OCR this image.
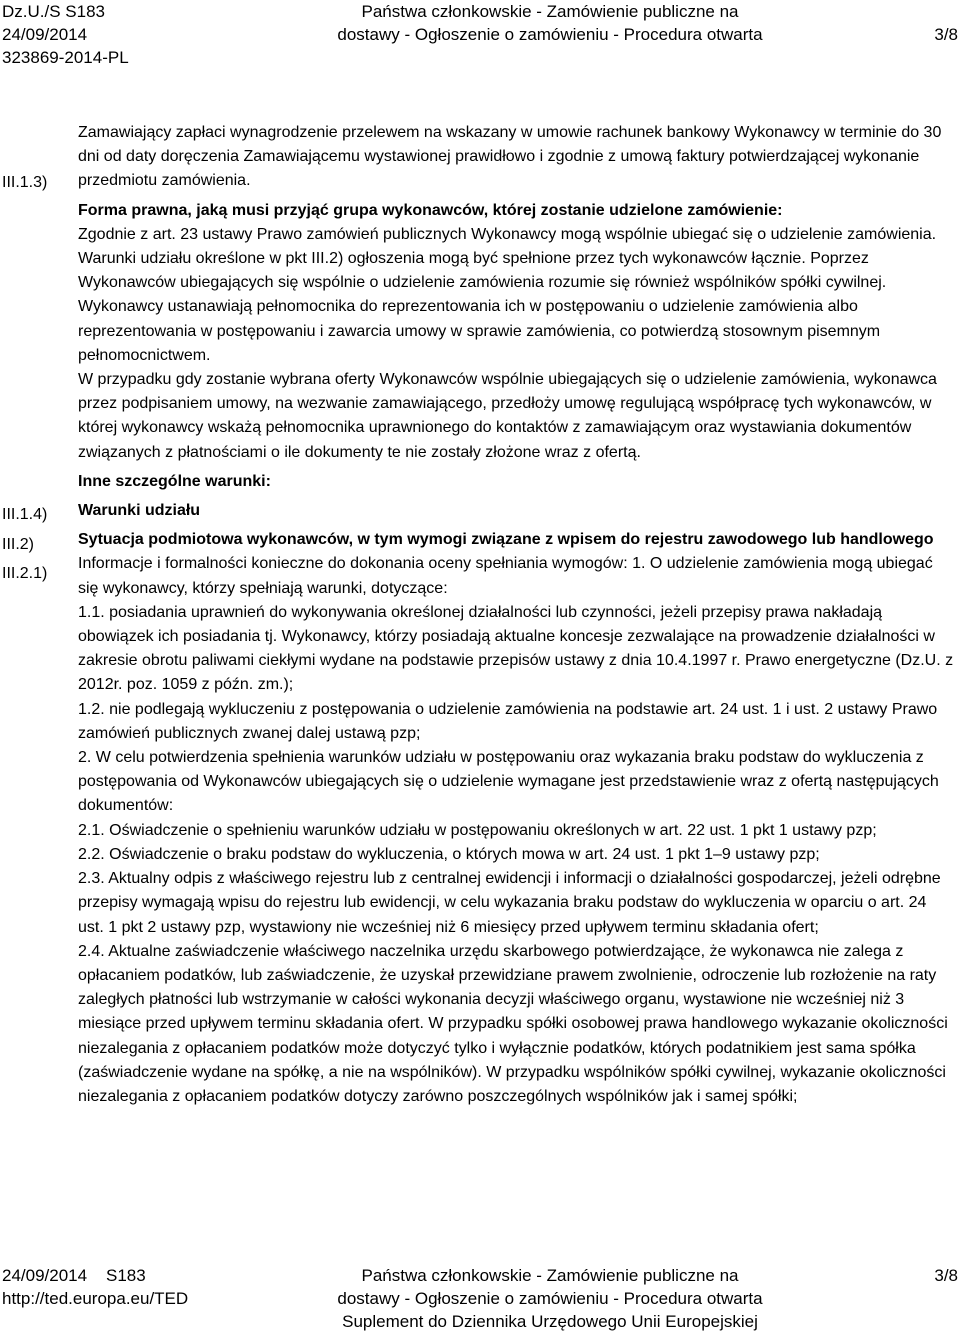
Dz.U./S S183
24/09/2014
323869-2014-PL
Państwa członkowskie - Zamówienie publiczne na
dostawy - Ogłoszenie o zamówieniu - Procedura otwarta	3/8
III.1.3)
III.1.4)
III.2)
III.2.1)

Zamawiający zapłaci wynagrodzenie przelewem na wskazany w umowie rachunek bankowy Wykonawcy w terminie do 30 dni od daty doręczenia Zamawiającemu wystawionej prawidłowo i zgodnie z umową faktury potwierdzającej wykonanie przedmiotu zamówienia.

Forma prawna, jaką musi przyjąć grupa wykonawców, której zostanie udzielone zamówienie:

Zgodnie z art. 23 ustawy Prawo zamówień publicznych Wykonawcy mogą wspólnie ubiegać się o udzielenie zamówienia. Warunki udziału określone w pkt III.2) ogłoszenia mogą być spełnione przez tych wykonawców łącznie. Poprzez Wykonawców ubiegających się wspólnie o udzielenie zamówienia rozumie się również wspólników spółki cywilnej. Wykonawcy ustanawiają pełnomocnika do reprezentowania ich w postępowaniu o udzielenie zamówienia albo reprezentowania w postępowaniu i zawarcia umowy w sprawie zamówienia, co potwierdzą stosownym pisemnym pełnomocnictwem.

W przypadku gdy zostanie wybrana oferty Wykonawców wspólnie ubiegających się o udzielenie zamówienia, wykonawca przez podpisaniem umowy, na wezwanie zamawiającego, przedłoży umowę regulującą współpracę tych wykonawców, w której wykonawcy wskażą pełnomocnika uprawnionego do kontaktów z zamawiającym oraz wystawiania dokumentów związanych z płatnościami o ile dokumenty te nie zostały złożone wraz z ofertą.

Inne szczególne warunki:

Warunki udziału

Sytuacja podmiotowa wykonawców, w tym wymogi związane z wpisem do rejestru zawodowego lub handlowego

Informacje i formalności konieczne do dokonania oceny spełniania wymogów: 1. O udzielenie zamówienia mogą ubiegać się wykonawcy, którzy spełniają warunki, dotyczące:

1.1. posiadania uprawnień do wykonywania określonej działalności lub czynności, jeżeli przepisy prawa nakładają obowiązek ich posiadania tj. Wykonawcy, którzy posiadają aktualne koncesje zezwalające na prowadzenie działalności w zakresie obrotu paliwami ciekłymi wydane na podstawie przepisów ustawy z dnia 10.4.1997 r. Prawo energetyczne (Dz.U. z 2012r. poz. 1059 z późn. zm.);

1.2. nie podlegają wykluczeniu z postępowania o udzielenie zamówienia na podstawie art. 24 ust. 1 i ust. 2 ustawy Prawo zamówień publicznych zwanej dalej ustawą pzp;

2. W celu potwierdzenia spełnienia warunków udziału w postępowaniu oraz wykazania braku podstaw do wykluczenia z postępowania od Wykonawców ubiegających się o udzielenie wymagane jest przedstawienie wraz z ofertą następujących dokumentów:

2.1. Oświadczenie o spełnieniu warunków udziału w postępowaniu określonych w art. 22 ust. 1 pkt 1 ustawy pzp;

2.2. Oświadczenie o braku podstaw do wykluczenia, o których mowa w art. 24 ust. 1 pkt 1–9 ustawy pzp;

2.3. Aktualny odpis z właściwego rejestru lub z centralnej ewidencji i informacji o działalności gospodarczej, jeżeli odrębne przepisy wymagają wpisu do rejestru lub ewidencji, w celu wykazania braku podstaw do wykluczenia w oparciu o art. 24 ust. 1 pkt 2 ustawy pzp, wystawiony nie wcześniej niż 6 miesięcy przed upływem terminu składania ofert;

2.4. Aktualne zaświadczenie właściwego naczelnika urzędu skarbowego potwierdzające, że wykonawca nie zalega z opłacaniem podatków, lub zaświadczenie, że uzyskał przewidziane prawem zwolnienie, odroczenie lub rozłożenie na raty zaległych płatności lub wstrzymanie w całości wykonania decyzji właściwego organu, wystawione nie wcześniej niż 3 miesiące przed upływem terminu składania ofert. W przypadku spółki osobowej prawa handlowego wykazanie okoliczności niezalegania z opłacaniem podatków może dotyczyć tylko i wyłącznie podatków, których podatnikiem jest sama spółka (zaświadczenie wydane na spółkę, a nie na wspólników). W przypadku wspólników spółki cywilnej, wykazanie okoliczności niezalegania z opłacaniem podatków dotyczy zarówno poszczególnych wspólników jak i samej spółki;

24/09/2014    S183
http://ted.europa.eu/TED
Państwa członkowskie - Zamówienie publiczne na
dostawy - Ogłoszenie o zamówieniu - Procedura otwarta
Suplement do Dziennika Urzędowego Unii Europejskiej
3/8
